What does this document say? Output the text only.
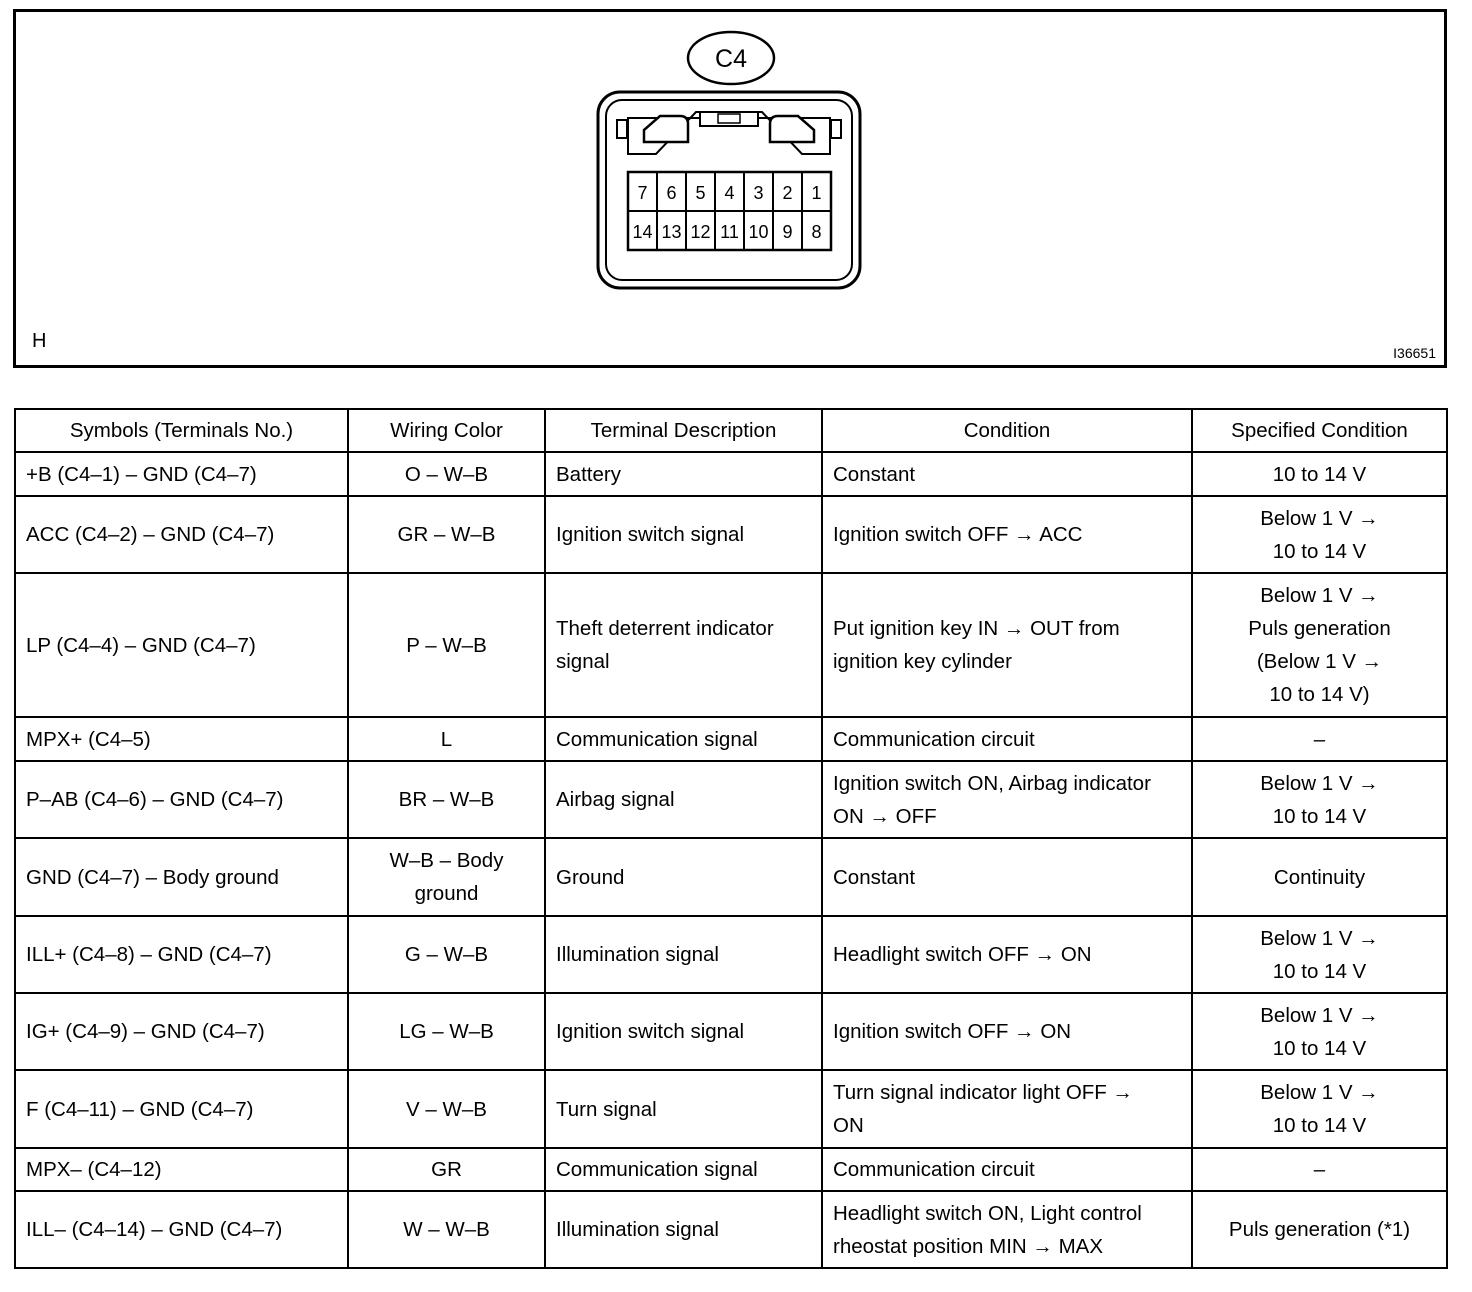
C4
7 6 5 4 3 2 1
14 13 12 11 10 9 8
H
I36651
Symbols (Terminals No.)	Wiring Color	Terminal Description	Condition	Specified Condition
+B (C4–1) – GND (C4–7)	O – W–B	Battery	Constant	10 to 14 V

ACC (C4–2) – GND (C4–7)	GR – W–B	Ignition switch signal	Ignition switch OFF → ACC	Below 1 V →
10 to 14 V

LP (C4–4) – GND (C4–7)	P – W–B	Theft deterrent indicator
signal	Put ignition key IN → OUT from
ignition key cylinder	Below 1 V →
Puls generation
(Below 1 V →
10 to 14 V)

MPX+ (C4–5)	L	Communication signal	Communication circuit	–

P–AB (C4–6) – GND (C4–7)	BR – W–B	Airbag signal	Ignition switch ON, Airbag indicator
ON → OFF	Below 1 V →
10 to 14 V

GND (C4–7) – Body ground	W–B – Body
ground	Ground	Constant	Continuity

ILL+ (C4–8) – GND (C4–7)	G – W–B	Illumination signal	Headlight switch OFF → ON	Below 1 V →
10 to 14 V

IG+ (C4–9) – GND (C4–7)	LG – W–B	Ignition switch signal	Ignition switch OFF → ON	Below 1 V →
10 to 14 V

F (C4–11) – GND (C4–7)	V – W–B	Turn signal	Turn signal indicator light OFF →
ON	Below 1 V →
10 to 14 V

MPX– (C4–12)	GR	Communication signal	Communication circuit	–

ILL– (C4–14) – GND (C4–7)	W – W–B	Illumination signal	Headlight switch ON, Light control
rheostat position MIN → MAX	Puls generation (*1)
